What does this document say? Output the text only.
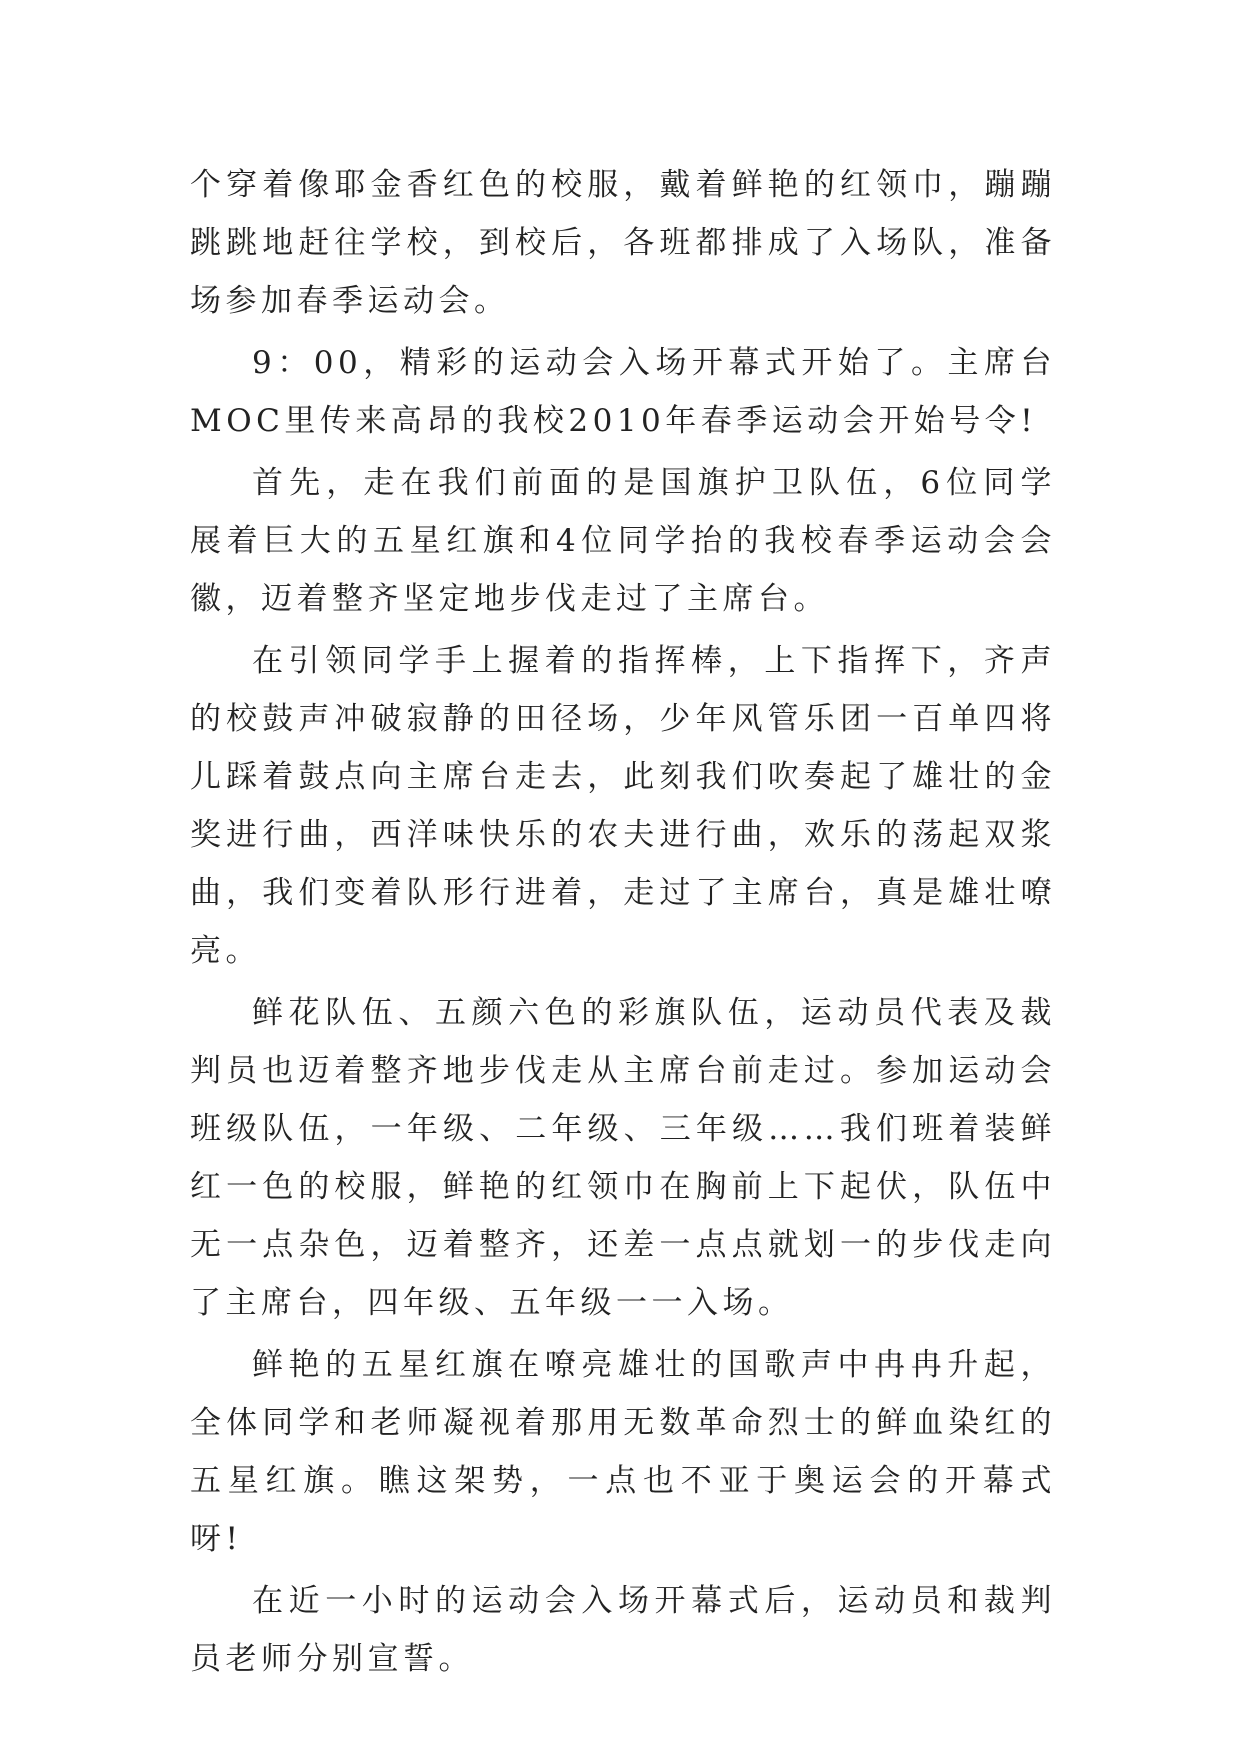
个穿着像耶金香红色的校服，戴着鲜艳的红领巾，蹦蹦跳跳地赶往学校，到校后，各班都排成了入场队，准备场参加春季运动会。

9：00，精彩的运动会入场开幕式开始了。主席台MOC里传来高昂的我校2010年春季运动会开始号令!

首先，走在我们前面的是国旗护卫队伍，6位同学展着巨大的五星红旗和4位同学抬的我校春季运动会会徽，迈着整齐坚定地步伐走过了主席台。

在引领同学手上握着的指挥棒，上下指挥下，齐声的校鼓声冲破寂静的田径场，少年风管乐团一百单四将儿踩着鼓点向主席台走去，此刻我们吹奏起了雄壮的金奖进行曲，西洋味快乐的农夫进行曲，欢乐的荡起双浆曲，我们变着队形行进着，走过了主席台，真是雄壮嘹亮。

鲜花队伍、五颜六色的彩旗队伍，运动员代表及裁判员也迈着整齐地步伐走从主席台前走过。参加运动会班级队伍，一年级、二年级、三年级……我们班着装鲜红一色的校服，鲜艳的红领巾在胸前上下起伏，队伍中无一点杂色，迈着整齐，还差一点点就划一的步伐走向了主席台，四年级、五年级一一入场。

鲜艳的五星红旗在嘹亮雄壮的国歌声中冉冉升起，全体同学和老师凝视着那用无数革命烈士的鲜血染红的五星红旗。瞧这架势，一点也不亚于奥运会的开幕式呀!

在近一小时的运动会入场开幕式后，运动员和裁判员老师分别宣誓。
